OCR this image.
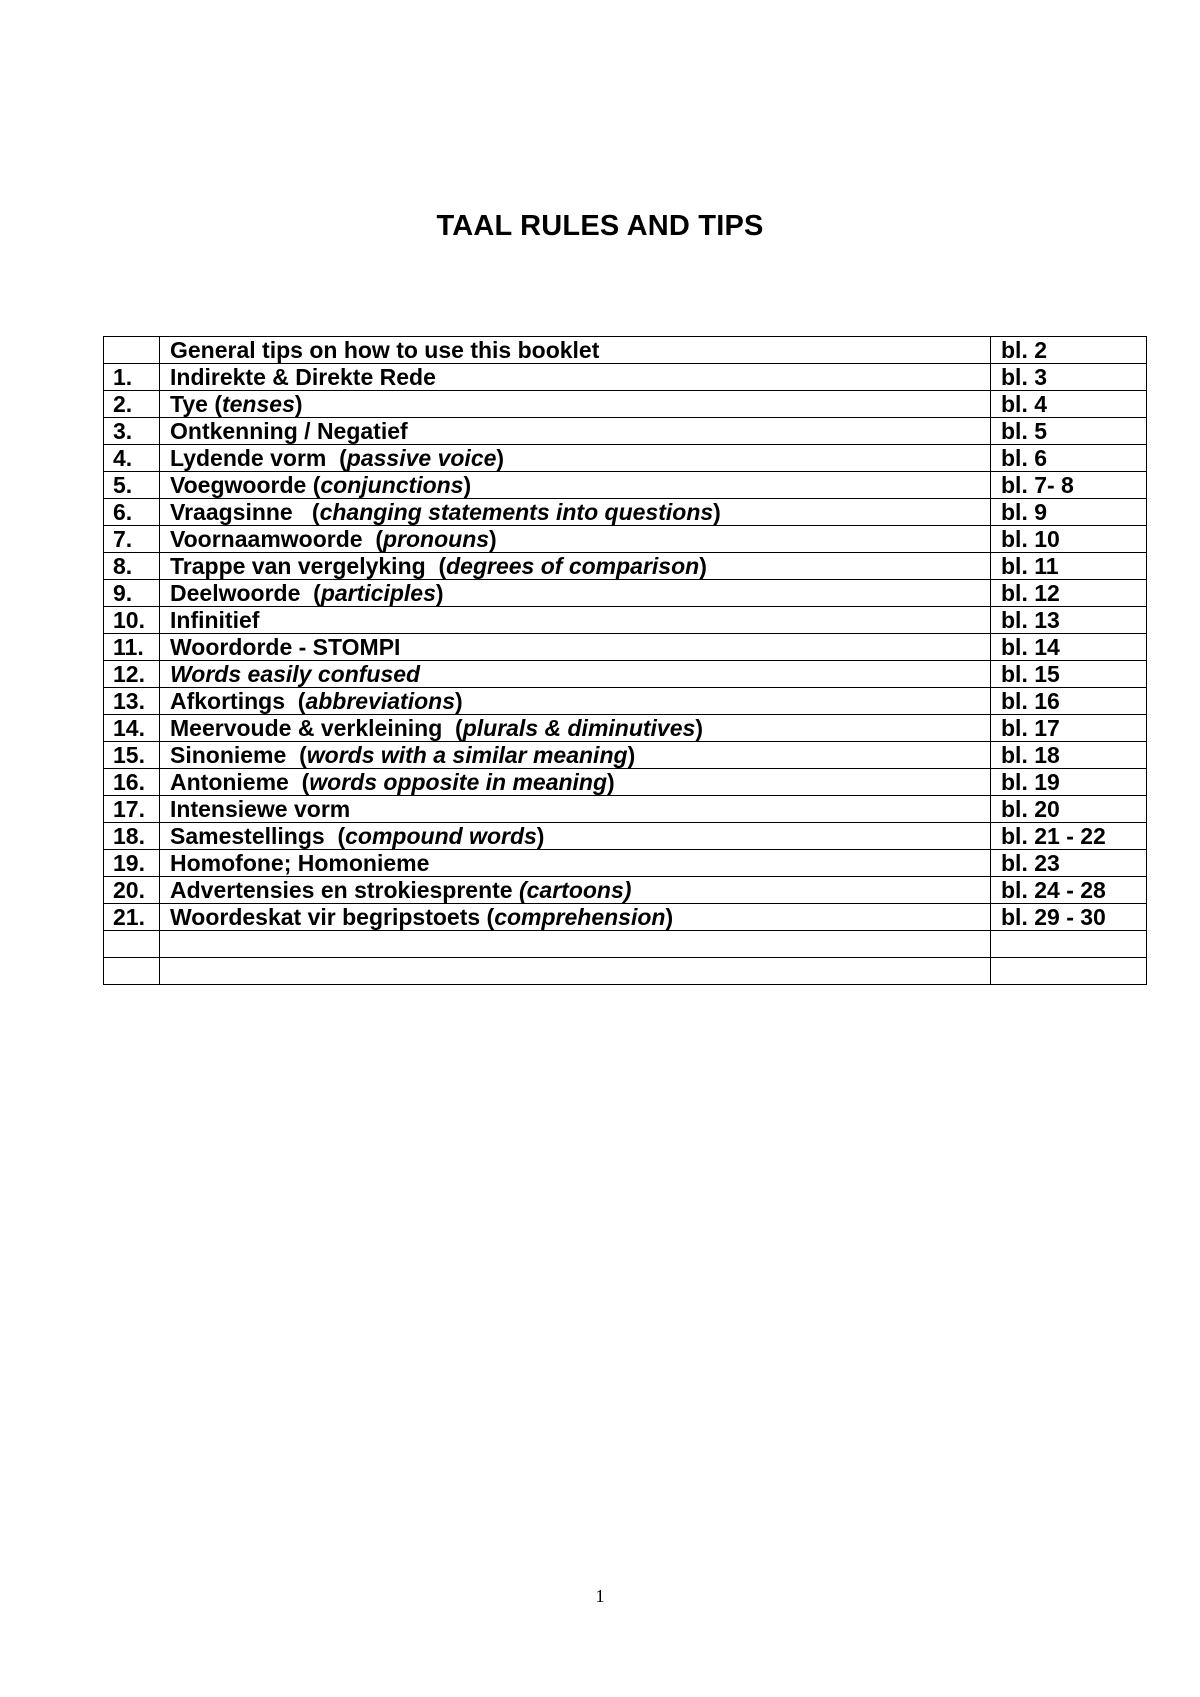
TAAL RULES AND TIPS
	General tips on how to use this booklet	bl. 2
1.	Indirekte & Direkte Rede	bl. 3
2.	Tye (tenses)	bl. 4
3.	Ontkenning / Negatief	bl. 5
4.	Lydende vorm  (passive voice)	bl. 6
5.	Voegwoorde (conjunctions)	bl. 7- 8
6.	Vraagsinne   (changing statements into questions)	bl. 9
7.	Voornaamwoorde  (pronouns)	bl. 10
8.	Trappe van vergelyking  (degrees of comparison)	bl. 11
9.	Deelwoorde  (participles)	bl. 12
10.	Infinitief	bl. 13
11.	Woordorde - STOMPI	bl. 14
12.	Words easily confused	bl. 15
13.	Afkortings  (abbreviations)	bl. 16
14.	Meervoude & verkleining  (plurals & diminutives)	bl. 17
15.	Sinonieme  (words with a similar meaning)	bl. 18
16.	Antonieme  (words opposite in meaning)	bl. 19
17.	Intensiewe vorm	bl. 20
18.	Samestellings  (compound words)	bl. 21 - 22
19.	Homofone; Homonieme	bl. 23
20.	Advertensies en strokiesprente (cartoons)	bl. 24 - 28
21.	Woordeskat vir begripstoets (comprehension)	bl. 29 - 30

1
